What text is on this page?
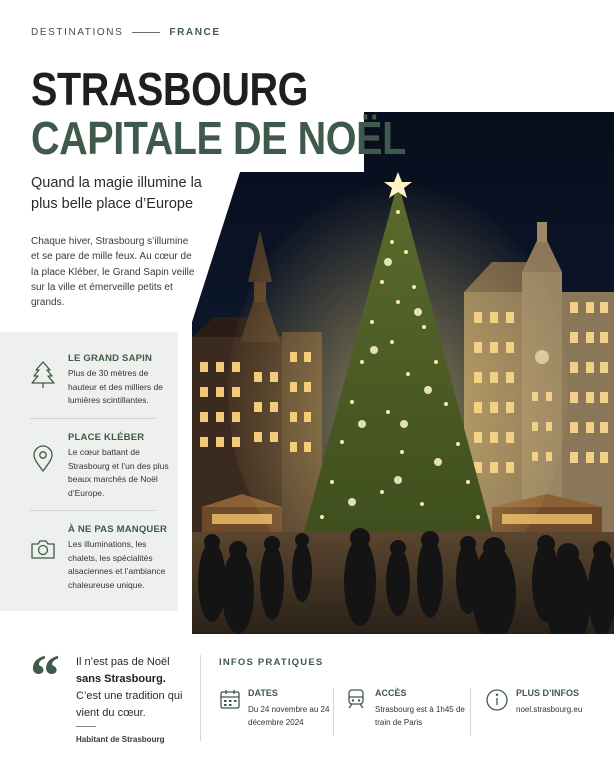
DESTINATIONS	FRANCE
STRASBOURG
CAPITALE DE NOËL
Quand la magie illumine la plus belle place d’Europe
Chaque hiver, Strasbourg s’illumine et se pare de mille feux. Au cœur de la place Kléber, le Grand Sapin veille sur la ville et émerveille petits et grands.
LE GRAND SAPIN
Plus de 30 mètres de hauteur et des milliers de lumières scintillantes.
PLACE KLÉBER
Le cœur battant de Strasbourg et l’un des plus beaux marchés de Noël d’Europe.
À NE PAS MANQUER
Les illuminations, les chalets, les spécialités alsaciennes et l’ambiance chaleureuse unique.
“ Il n’est pas de Noël
sans Strasbourg.
C’est une tradition qui vient du cœur.
Habitant de Strasbourg
INFOS PRATIQUES
DATES
Du 24 novembre au 24 décembre 2024
ACCÈS
Strasbourg est à 1h45 de train de Paris
PLUS D’INFOS
noel.strasbourg.eu
